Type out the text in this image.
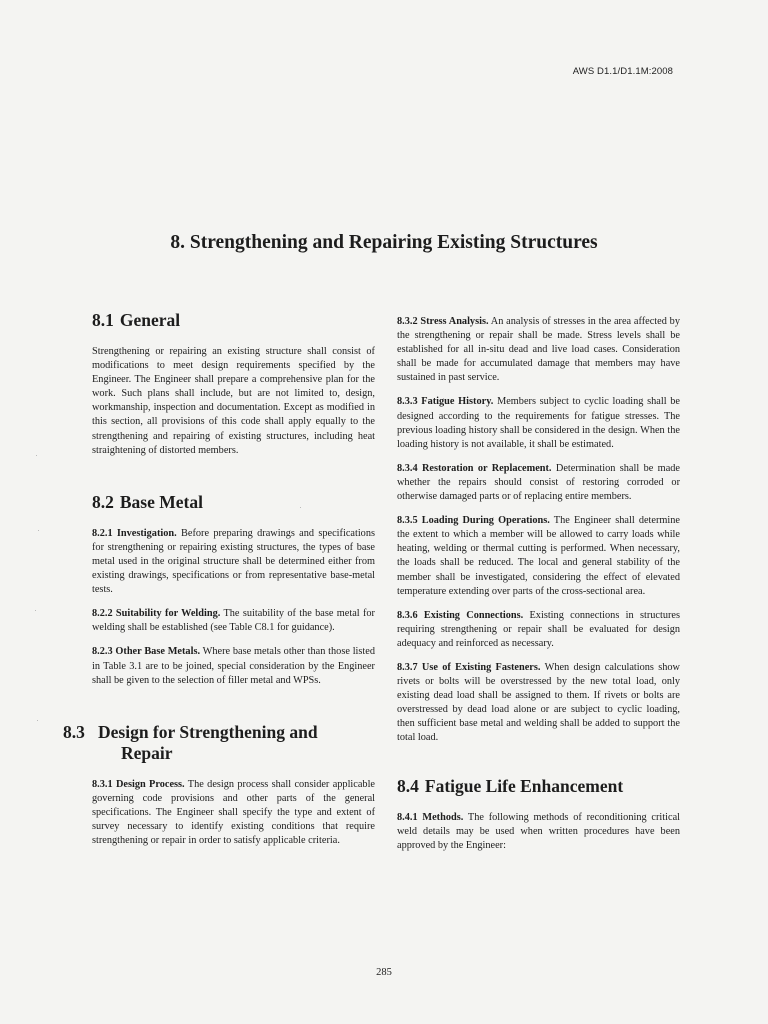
AWS D1.1/D1.1M:2008
8. Strengthening and Repairing Existing Structures
8.1 General

Strengthening or repairing an existing structure shall consist of modifications to meet design requirements specified by the Engineer. The Engineer shall prepare a comprehensive plan for the work. Such plans shall include, but are not limited to, design, workmanship, inspection and documentation. Except as modified in this section, all provisions of this code shall apply equally to the strengthening and repairing of existing structures, including heat straightening of distorted members.

8.2 Base Metal

8.2.1 Investigation. Before preparing drawings and specifications for strengthening or repairing existing structures, the types of base metal used in the original structure shall be determined either from existing drawings, specifications or from representative base-metal tests.

8.2.2 Suitability for Welding. The suitability of the base metal for welding shall be established (see Table C8.1 for guidance).

8.2.3 Other Base Metals. Where base metals other than those listed in Table 3.1 are to be joined, special consideration by the Engineer shall be given to the selection of filler metal and WPSs.

8.3 Design for Strengthening and
Repair

8.3.1 Design Process. The design process shall consider applicable governing code provisions and other parts of the general specifications. The Engineer shall specify the type and extent of survey necessary to identify existing conditions that require strengthening or repair in order to satisfy applicable criteria.

8.3.2 Stress Analysis. An analysis of stresses in the area affected by the strengthening or repair shall be made. Stress levels shall be established for all in-situ dead and live load cases. Consideration shall be made for accumulated damage that members may have sustained in past service.

8.3.3 Fatigue History. Members subject to cyclic loading shall be designed according to the requirements for fatigue stresses. The previous loading history shall be considered in the design. When the loading history is not available, it shall be estimated.

8.3.4 Restoration or Replacement. Determination shall be made whether the repairs should consist of restoring corroded or otherwise damaged parts or of replacing entire members.

8.3.5 Loading During Operations. The Engineer shall determine the extent to which a member will be allowed to carry loads while heating, welding or thermal cutting is performed. When necessary, the loads shall be reduced. The local and general stability of the member shall be investigated, considering the effect of elevated temperature extending over parts of the cross-sectional area.

8.3.6 Existing Connections. Existing connections in structures requiring strengthening or repair shall be evaluated for design adequacy and reinforced as necessary.

8.3.7 Use of Existing Fasteners. When design calculations show rivets or bolts will be overstressed by the new total load, only existing dead load shall be assigned to them. If rivets or bolts are overstressed by dead load alone or are subject to cyclic loading, then sufficient base metal and welding shall be added to support the total load.

8.4 Fatigue Life Enhancement

8.4.1 Methods. The following methods of reconditioning critical weld details may be used when written procedures have been approved by the Engineer:

285
